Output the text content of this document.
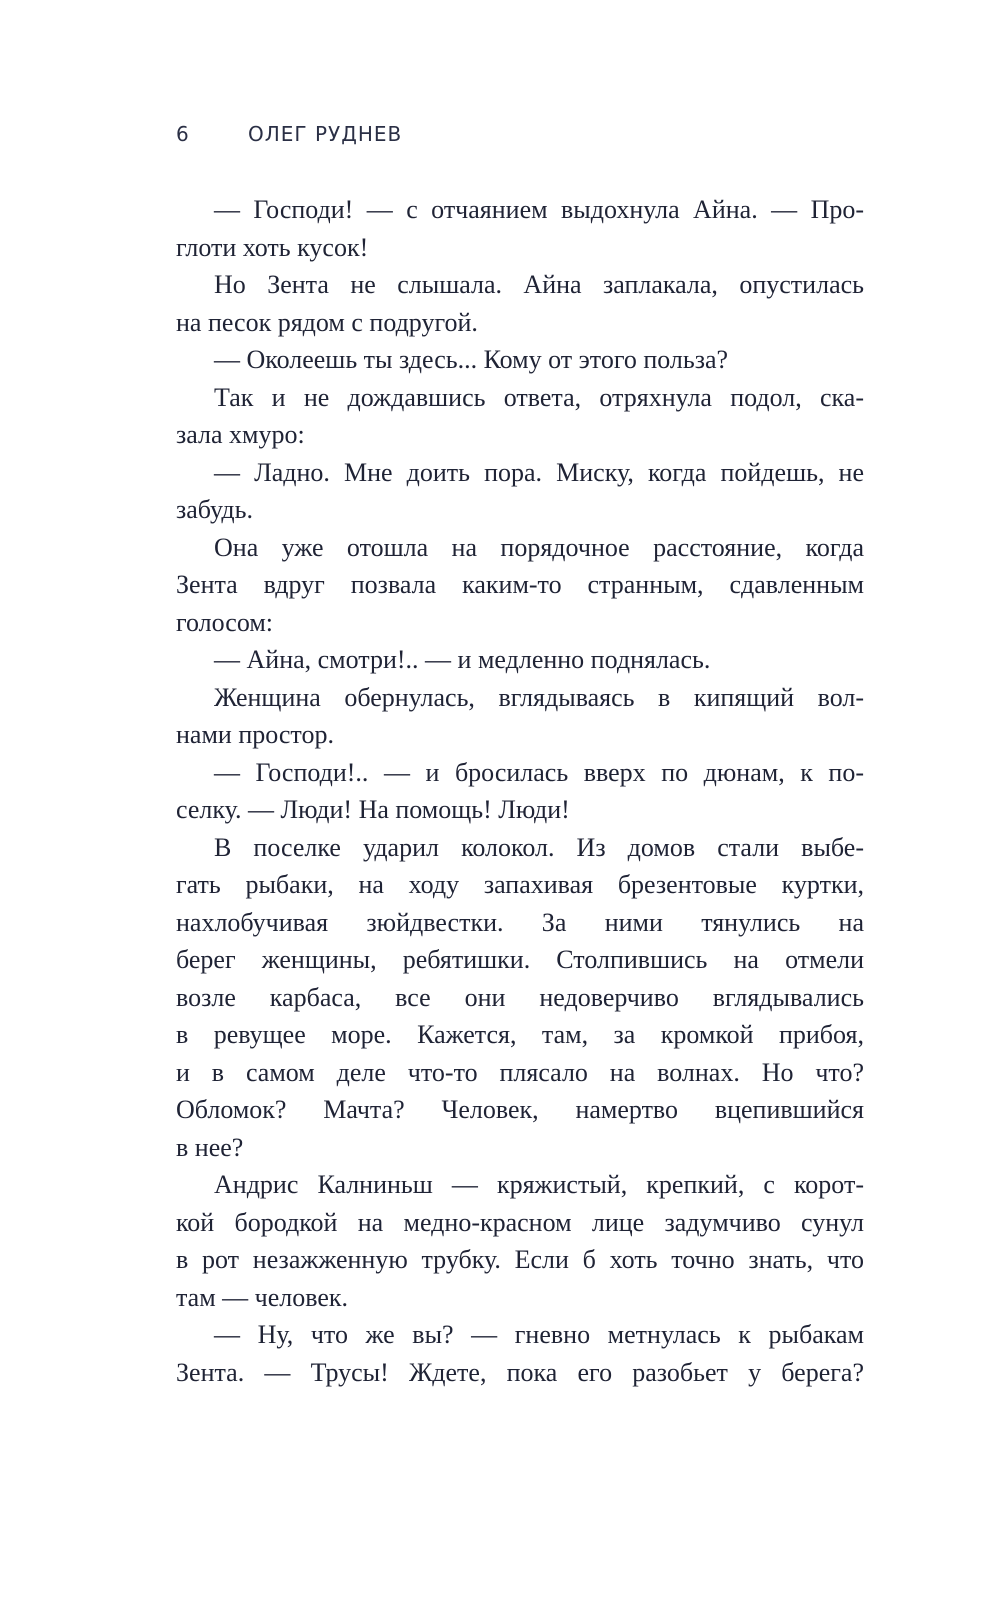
6	ОЛЕГ РУДНЕВ
— Господи! — с отчаянием выдохнула Айна. — Про-
глоти хоть кусок!
Но Зента не слышала. Айна заплакала, опустилась
на песок рядом с подругой.
— Околеешь ты здесь... Кому от этого польза?
Так и не дождавшись ответа, отряхнула подол, ска-
зала хмуро:
— Ладно. Мне доить пора. Миску, когда пойдешь, не
забудь.
Она уже отошла на порядочное расстояние, когда
Зента вдруг позвала каким-то странным, сдавленным
голосом:
— Айна, смотри!.. — и медленно поднялась.
Женщина обернулась, вглядываясь в кипящий вол-
нами простор.
— Господи!.. — и бросилась вверх по дюнам, к по-
селку. — Люди! На помощь! Люди!
В поселке ударил колокол. Из домов стали выбе-
гать рыбаки, на ходу запахивая брезентовые куртки,
нахлобучивая зюйдвестки. За ними тянулись на
берег женщины, ребятишки. Столпившись на отмели
возле карбаса, все они недоверчиво вглядывались
в ревущее море. Кажется, там, за кромкой прибоя,
и в самом деле что-то плясало на волнах. Но что?
Обломок? Мачта? Человек, намертво вцепившийся
в нее?
Андрис Калниньш — кряжистый, крепкий, с корот-
кой бородкой на медно-красном лице задумчиво сунул
в рот незажженную трубку. Если б хоть точно знать, что
там — человек.
— Ну, что же вы? — гневно метнулась к рыбакам
Зента. — Трусы! Ждете, пока его разобьет у берега?
